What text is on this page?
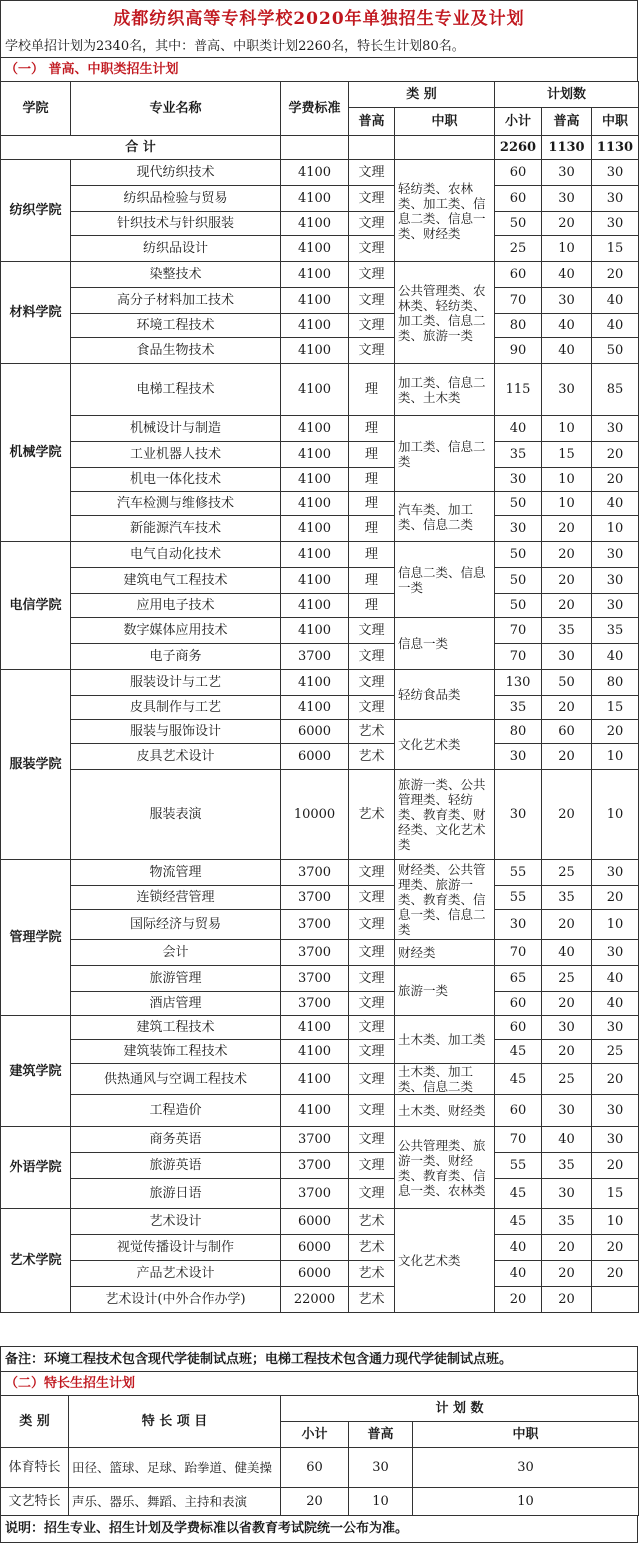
成都纺织高等专科学校2020年单独招生专业及计划
学校单招计划为2340名，其中：普高、中职类计划2260名，特长生计划80名。
（一） 普高、中职类招生计划
学院	专业名称	学费标准	类 别		计划数		
			普高	中职	小计	普高	中职
合 计					2260	1130	1130
纺织学院	现代纺织技术	4100	文理	轻纺类、农林类、加工类、信息二类、信息一类、财经类	60	30	30
	纺织品检验与贸易	4100	文理		60	30	30
	针织技术与针织服装	4100	文理		50	20	30
	纺织品设计	4100	文理		25	10	15
材料学院	染整技术	4100	文理	公共管理类、农林类、轻纺类、加工类、信息二类、旅游一类	60	40	20
	高分子材料加工技术	4100	文理		70	30	40
	环境工程技术	4100	文理		80	40	40
	食品生物技术	4100	文理		90	40	50
机械学院	电梯工程技术	4100	理	加工类、信息二类、土木类	115	30	85
	机械设计与制造	4100	理	加工类、信息二类	40	10	30
	工业机器人技术	4100	理		35	15	20
	机电一体化技术	4100	理		30	10	20
	汽车检测与维修技术	4100	理	汽车类、加工类、信息二类	50	10	40
	新能源汽车技术	4100	理		30	20	10
电信学院	电气自动化技术	4100	理	信息二类、信息一类	50	20	30
	建筑电气工程技术	4100	理		50	20	30
	应用电子技术	4100	理		50	20	30
	数字媒体应用技术	4100	文理	信息一类	70	35	35
	电子商务	3700	文理		70	30	40
服装学院	服装设计与工艺	4100	文理	轻纺食品类	130	50	80
	皮具制作与工艺	4100	文理		35	20	15
	服装与服饰设计	6000	艺术	文化艺术类	80	60	20
	皮具艺术设计	6000	艺术		30	20	10
	服装表演	10000	艺术	旅游一类、公共管理类、轻纺类、教育类、财经类、文化艺术类	30	20	10
管理学院	物流管理	3700	文理	财经类、公共管理类、旅游一类、教育类、信息一类、信息二类	55	25	30
	连锁经营管理	3700	文理		55	35	20
	国际经济与贸易	3700	文理		30	20	10
	会计	3700	文理	财经类	70	40	30
	旅游管理	3700	文理	旅游一类	65	25	40
	酒店管理	3700	文理		60	20	40
建筑学院	建筑工程技术	4100	文理	土木类、加工类	60	30	30
	建筑装饰工程技术	4100	文理		45	20	25
	供热通风与空调工程技术	4100	文理	土木类、加工类、信息二类	45	25	20
	工程造价	4100	文理	土木类、财经类	60	30	30
外语学院	商务英语	3700	文理	公共管理类、旅游一类、财经类、教育类、信息一类、农林类	70	40	30
	旅游英语	3700	文理		55	35	20
	旅游日语	3700	文理		45	30	15
艺术学院	艺术设计	6000	艺术	文化艺术类	45	35	10
	视觉传播设计与制作	6000	艺术		40	20	20
	产品艺术设计	6000	艺术		40	20	20
	艺术设计(中外合作办学)	22000	艺术		20	20	
备注：环境工程技术包含现代学徒制试点班；电梯工程技术包含通力现代学徒制试点班。
（二）特长生招生计划
类 别	特 长 项 目	计 划 数		
		小计	普高	中职
体育特长	田径、篮球、足球、跆拳道、健美操	60	30	30
文艺特长	声乐、器乐、舞蹈、主持和表演	20	10	10
说明：招生专业、招生计划及学费标准以省教育考试院统一公布为准。
